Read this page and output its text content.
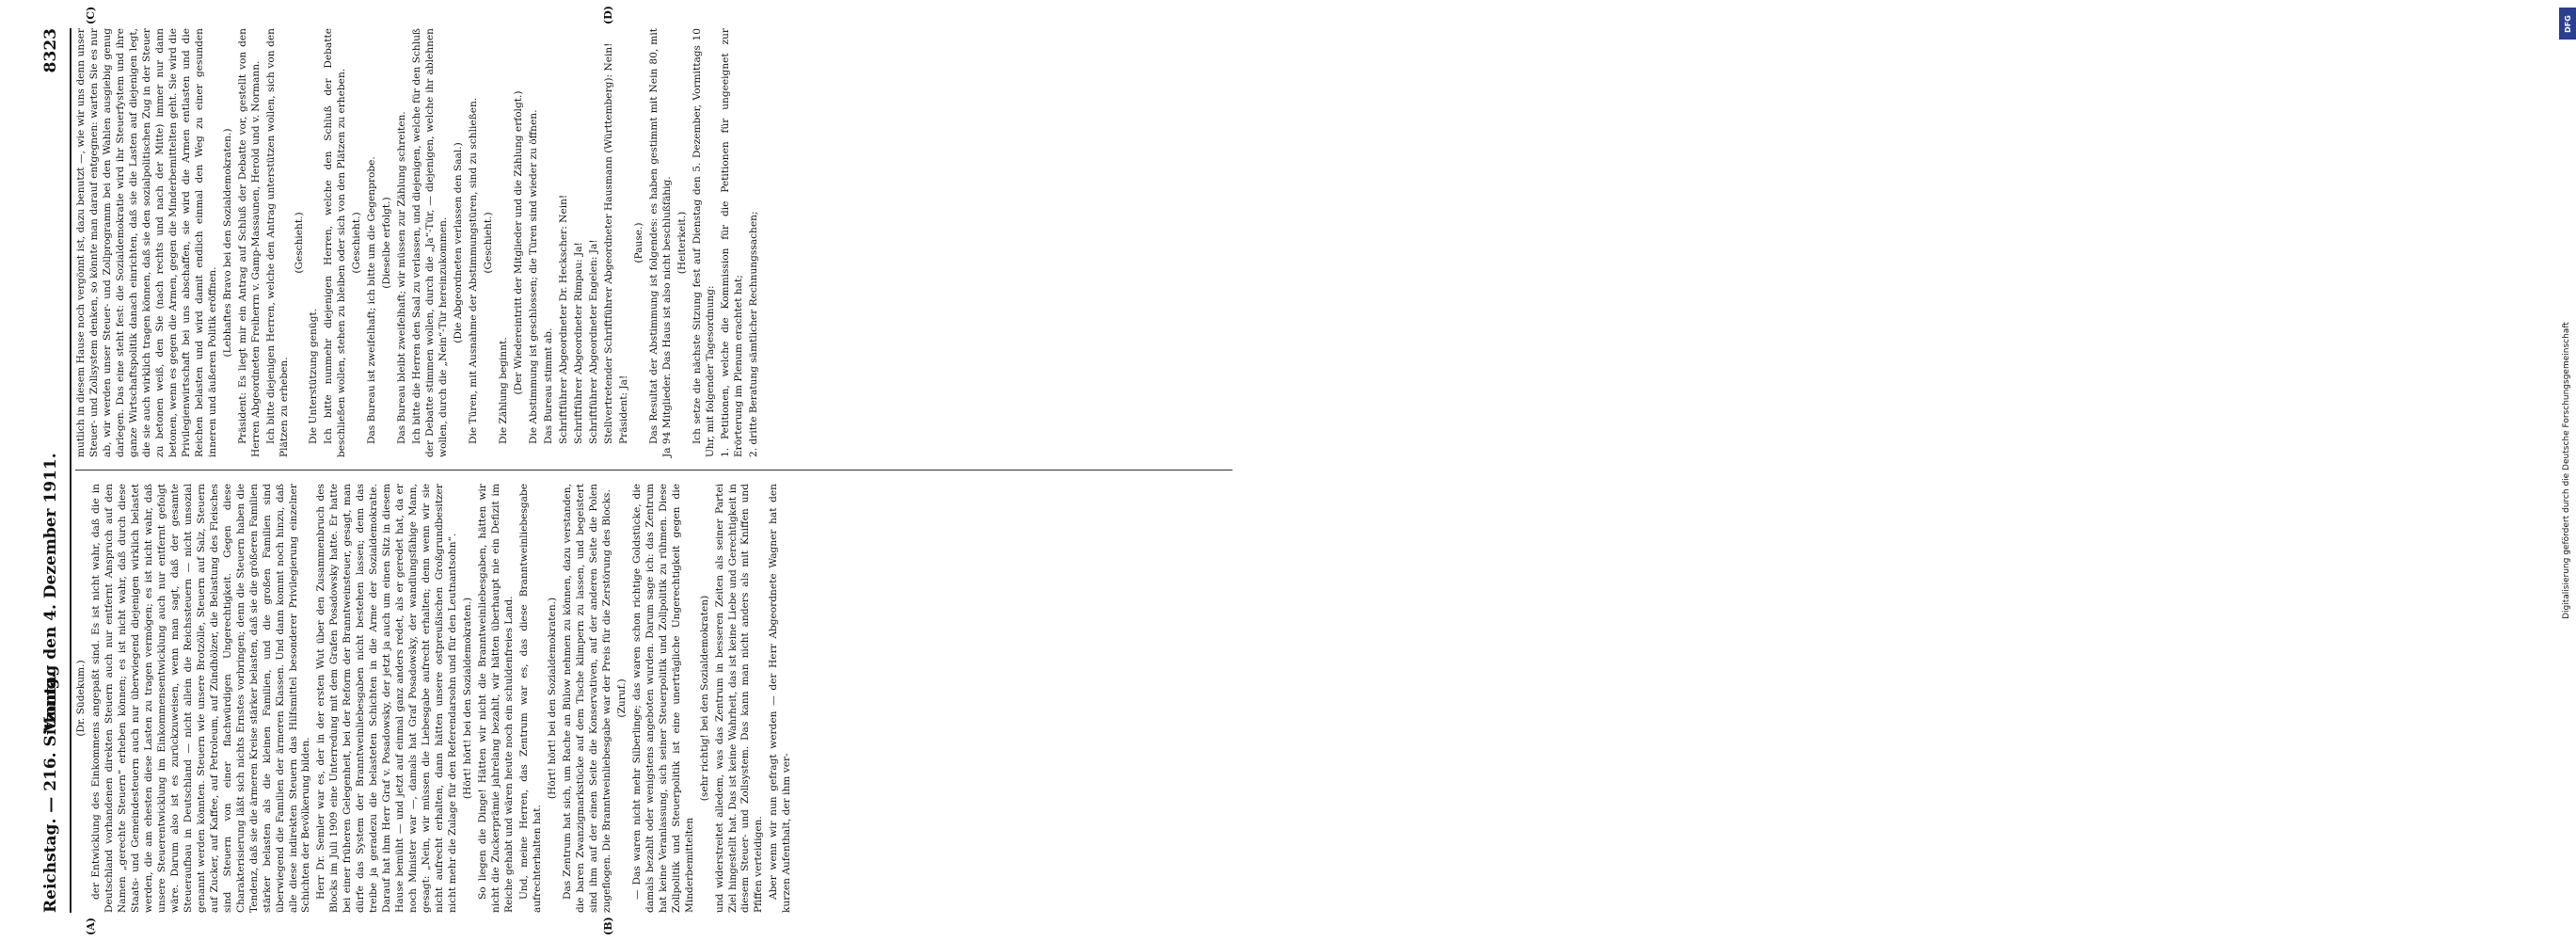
Reichstag. — 216. Sitzung.
Montag den 4. Dezember 1911.
8323
(A)	(B)
(C)	(D)

(Dr. Südekum.) der Entwicklung des Einkommens angepaßt sind. Es ist nicht wahr, daß die in Deutschland vorhandenen direkten Steuern auch nur entfernt Anspruch auf den Namen „gerechte Steuern“ erheben können; es ist nicht wahr, daß durch diese Staats- und Gemeindesteuern auch nur überwiegend diejenigen wirklich belastet werden, die am ehesten diese Lasten zu tragen vermögen; es ist nicht wahr, daß unsere Steuerentwicklung im Einkommensentwicklung auch nur entfernt gefolgt wäre. Darum also ist es zurückzuweisen, wenn man sagt, daß der gesamte Steueraufbau in Deutschland — nicht allein die Reichssteuern — nicht unsozial genannt werden könnten. Steuern wie unsere Brotzölle, Steuern auf Salz, Steuern auf Zucker, auf Kaffee, auf Petroleum, auf Zündhölzer, die Belastung des Fleisches sind Steuern von einer flachwürdigen Ungerechtigkeit. Gegen diese Charakterisierung läßt sich nichts Ernstes vorbringen; denn die Steuern haben die Tendenz, daß sie die ärmeren Kreise stärker belasten, daß sie die größeren Familien stärker belasten als die kleinen Familien, und die großen Familien sind überwiegend die Familien der ärmeren Klassen. Und dann kommt noch hinzu, daß alle diese indirekten Steuern das Hilfsmittel besonderer Privilegierung einzelner Schichten der Bevölkerung bilden. Herr Dr. Semler war es, der in der ersten Wut über den Zusammenbruch des Blocks im Juli 1909 eine Unterredung mit dem Grafen Posadowsky hatte. Er hatte bei einer früheren Gelegenheit, bei der Reform der Branntweinsteuer, gesagt, man dürfe das System der Branntweinliebesgaben nicht bestehen lassen; denn das treibe ja geradezu die belasteten Schichten in die Arme der Sozialdemokratie. Darauf hat ihm Herr Graf v. Posadowsky, der jetzt ja auch um einen Sitz in diesem Hause bemüht — und jetzt auf einmal ganz anders redet, als er geredet hat, da er noch Minister war —, damals hat Graf Posadowsky, der wandlungsfähige Mann, gesagt: „Nein, wir müssen die Liebesgabe aufrecht erhalten; denn wenn wir sie nicht aufrecht erhalten, dann hätten unsere ostpreußischen Großgrundbesitzer nicht mehr die Zulage für den Referendarsohn und für den Leutnantsohn“. (Hört! hört! bei den Sozialdemokraten.) So liegen die Dinge! Hätten wir nicht die Branntweinliebesgaben, hätten wir nicht die Zuckerprämie jahrelang bezahlt, wir hätten überhaupt nie ein Defizit im Reiche gehabt und wären heute noch ein schuldenfreies Land. Und, meine Herren, das Zentrum war es, das diese Branntweinliebesgabe aufrechterhalten hat.

(Hört! hört! bei den Sozialdemokraten.) Das Zentrum hat sich, um Rache an Bülow nehmen zu können, dazu verstanden, die baren Zwanzigmarkstücke auf dem Tische klimpern zu lassen, und begeistert sind ihm auf der einen Seite die Konservativen, auf der anderen Seite die Polen zugeflogen. Die Branntweinliebesgabe war der Preis für die Zerstörung des Blocks. (Zuruf.) — Das waren nicht mehr Silberlinge; das waren schon richtige Goldstücke, die damals bezahlt oder wenigstens angeboten wurden. Darum sage ich: das Zentrum hat keine Veranlassung, sich seiner Steuerpolitik und Zollpolitik zu rühmen. Diese Zollpolitik und Steuerpolitik ist eine unerträgliche Ungerechtigkeit gegen die Minderbemittelten

(sehr richtig! bei den Sozialdemokraten) und widerstreitet alledem, was das Zentrum in besseren Zeiten als seiner Partei Ziel hingestellt hat. Das ist keine Wahrheit, das ist keine Liebe und Gerechtigkeit in diesem Steuer- und Zollsystem. Das kann man nicht anders als mit Kniffen und Pfiffen verteidigen. Aber wenn wir nun gefragt werden — der Herr Abgeordnete Wagner hat den kurzen Aufenthalt, der ihm ver-

mutlich in diesem Hause noch vergönnt ist, dazu benutzt —, wie wir uns denn unser Steuer- und Zollsystem denken, so könnte man darauf entgegnen: warten Sie es nur ab, wir werden unser Steuer- und Zollprogramm bei den Wahlen ausgiebig genug darlegen. Das eine steht fest: die Sozialdemokratie wird ihr Steuerfystem und ihre ganze Wirtschaftspolitik danach einrichten, daß sie die Lasten auf diejenigen legt, die sie auch wirklich tragen können, daß sie den sozialpolitischen Zug in der Steuer zu betonen weiß, den Sie (nach rechts und nach der Mitte) immer nur dann betonen, wenn es gegen die Armen, gegen die Minderbemittelten geht. Sie wird die Privilegienwirtschaft bei uns abschaffen, sie wird die Armen entlasten und die Reichen belasten und wird damit endlich einmal den Weg zu einer gesunden inneren und äußeren Politik eröffnen.

(Lebhaftes Bravo bei den Sozialdemokraten.) Präsident: Es liegt mir ein Antrag auf Schluß der Debatte vor, gestellt von den Herren Abgeordneten Freiherrn v. Gamp-Massaunen, Herold und v. Normann. Ich bitte diejenigen Herren, welche den Antrag unterstützen wollen, sich von den Plätzen zu erheben.

(Geschieht.)

Die Unterstützung genügt. Ich bitte nunmehr diejenigen Herren, welche den Schluß der Debatte beschließen wollen, stehen zu bleiben oder sich von den Plätzen zu erheben. (Geschieht.) Das Bureau ist zweifelhaft; ich bitte um die Gegenprobe. (Dieselbe erfolgt.) Das Bureau bleibt zweifelhaft; wir müssen zur Zählung schreiten. Ich bitte die Herren den Saal zu verlassen, und diejenigen, welche für den Schluß der Debatte stimmen wollen, durch die „Ja“-Tür, — diejenigen, welche ihr ablehnen wollen, durch die „Nein“-Tür hereinzukommen. (Die Abgeordneten verlassen den Saal.) Die Türen, mit Ausnahme der Abstimmungstüren, sind zu schließen. (Geschieht.)

Die Zählung beginnt. (Der Wiedereintritt der Mitglieder und die Zählung erfolgt.) Die Abstimmung ist geschlossen; die Türen sind wieder zu öffnen. Das Bureau stimmt ab. Schriftführer Abgeordneter Dr. Heckscher: Nein! Schriftführer Abgeordneter Rimpau: Ja! Schriftführer Abgeordneter Engelen: Ja! Stellvertretender Schriftführer Abgeordneter Hausmann (Württemberg): Nein! Präsident: Ja!

(Pause.) Das Resultat der Abstimmung ist folgendes: es haben gestimmt mit Nein 80, mit Ja 94 Mitglieder. Das Haus ist also nicht beschlußfähig. (Heiterkeit.) Ich setze die nächste Sitzung fest auf Dienstag den 5. Dezember, Vormittags 10 Uhr, mit folgender Tagesordnung: 1. Petitionen, welche die Kommission für die Petitionen für ungeeignet zur Erörterung im Plenum erachtet hat; 2. dritte Beratung sämtlicher Rechnungssachen;

DFG
Digitalisierung gefördert durch die Deutsche Forschungsgemeinschaft
